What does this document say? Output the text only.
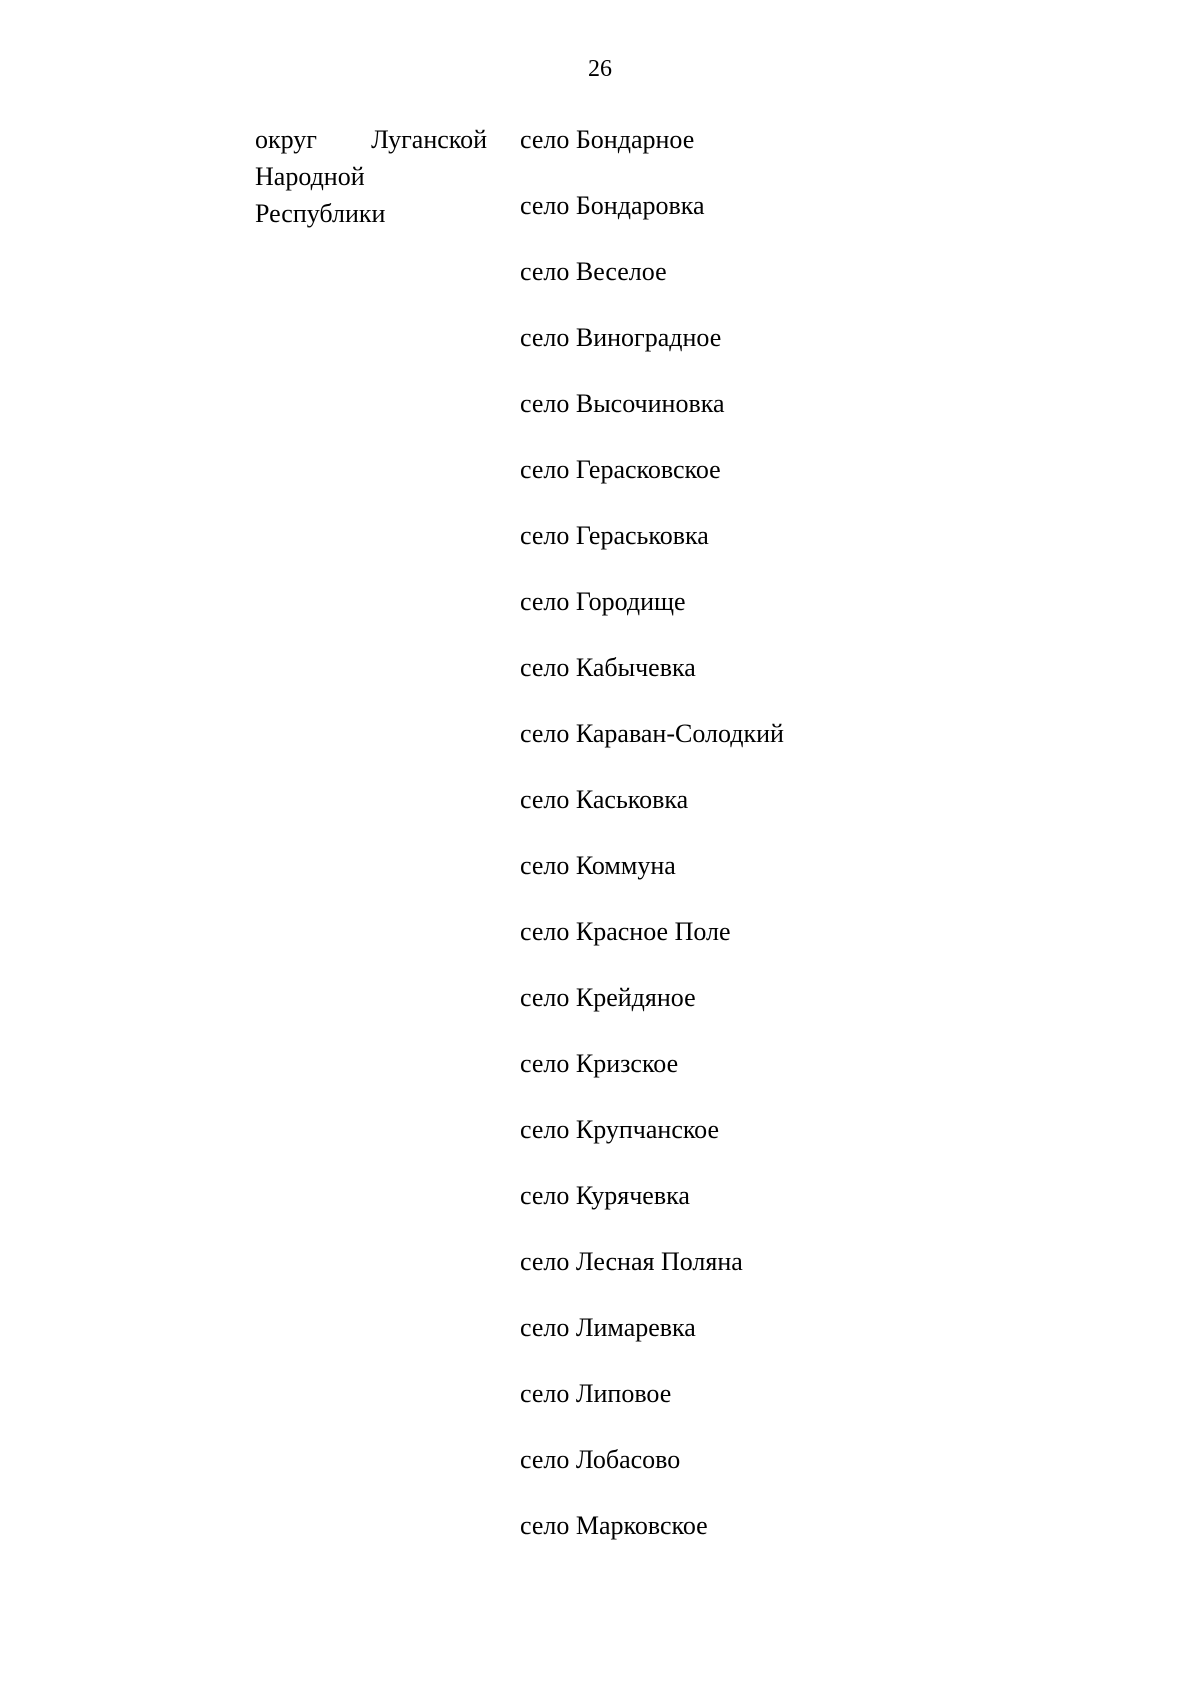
26
округ Луганской
Народной
Республики
село Бондарное
село Бондаровка
село Веселое
село Виноградное
село Высочиновка
село Герасковское
село Гераськовка
село Городище
село Кабычевка
село Караван-Солодкий
село Каськовка
село Коммуна
село Красное Поле
село Крейдяное
село Кризское
село Крупчанское
село Курячевка
село Лесная Поляна
село Лимаревка
село Липовое
село Лобасово
село Марковское
